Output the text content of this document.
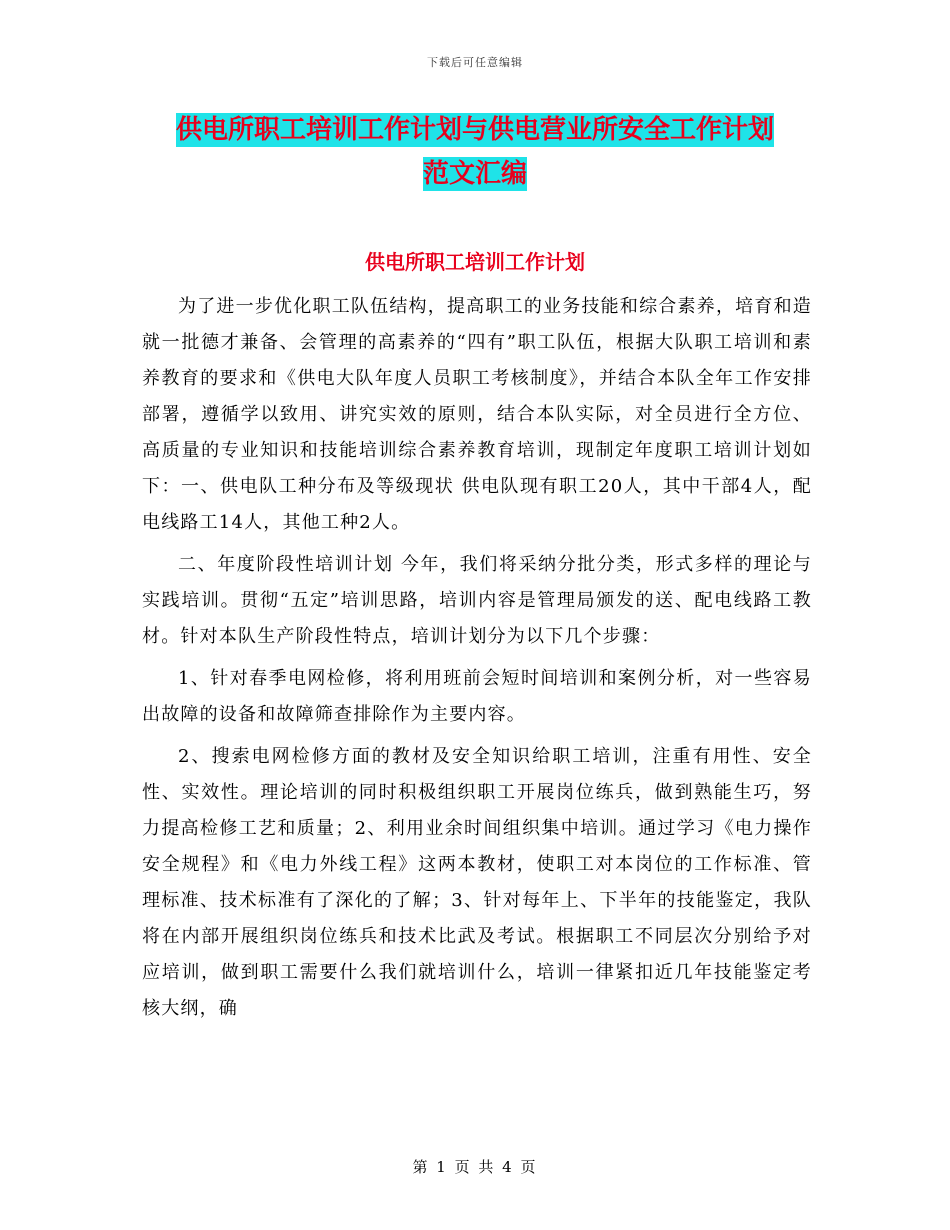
下载后可任意编辑
供电所职工培训工作计划与供电营业所安全工作计划
范文汇编
供电所职工培训工作计划

为了进一步优化职工队伍结构，提高职工的业务技能和综合素养，培育和造就一批德才兼备、会管理的高素养的“四有”职工队伍，根据大队职工培训和素养教育的要求和《供电大队年度人员职工考核制度》，并结合本队全年工作安排部署，遵循学以致用、讲究实效的原则，结合本队实际，对全员进行全方位、高质量的专业知识和技能培训综合素养教育培训，现制定年度职工培训计划如下：一、供电队工种分布及等级现状 供电队现有职工20人，其中干部4人，配电线路工14人，其他工种2人。

二、年度阶段性培训计划 今年，我们将采纳分批分类，形式多样的理论与实践培训。贯彻“五定”培训思路，培训内容是管理局颁发的送、配电线路工教材。针对本队生产阶段性特点，培训计划分为以下几个步骤：

1、针对春季电网检修，将利用班前会短时间培训和案例分析，对一些容易出故障的设备和故障筛查排除作为主要内容。

2、搜索电网检修方面的教材及安全知识给职工培训，注重有用性、安全性、实效性。理论培训的同时积极组织职工开展岗位练兵，做到熟能生巧，努力提高检修工艺和质量；2、利用业余时间组织集中培训。通过学习《电力操作安全规程》和《电力外线工程》这两本教材，使职工对本岗位的工作标准、管理标准、技术标准有了深化的了解；3、针对每年上、下半年的技能鉴定，我队将在内部开展组织岗位练兵和技术比武及考试。根据职工不同层次分别给予对应培训，做到职工需要什么我们就培训什么，培训一律紧扣近几年技能鉴定考核大纲，确

第 1 页 共 4 页
